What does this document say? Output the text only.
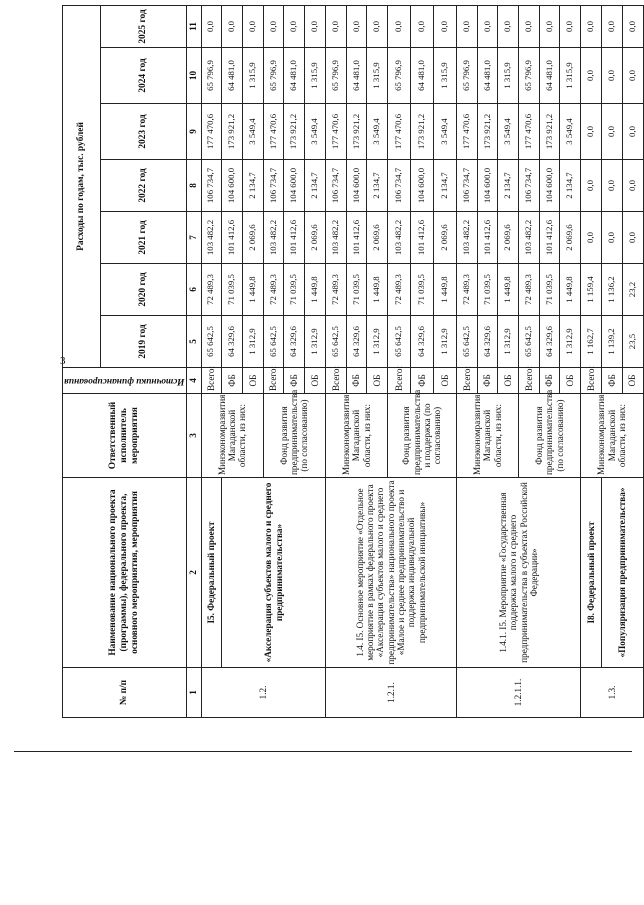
3
№ п/п	Наименование национального проекта (программы), федерального проекта, основного мероприятия, мероприятия	Ответственный исполнитель мероприятия	Источники финансирования	Расходы по годам, тыс. рублей						
				2019 год	2020 год	2021 год	2022 год	2023 год	2024 год	2025 год
1	2	3	4	5	6	7	8	9	10	11
1.2.	I5. Федеральный проект	Минэкономразвития Магаданской области, из них:	Всего:	65 642,5	72 489,3	103 482,2	106 734,7	177 470,6	65 796,9	0,0
	«Акселерация субъектов малого и среднего предпринимательства»		ФБ	64 329,6	71 039,5	101 412,6	104 600,0	173 921,2	64 481,0	0,0
			ОБ	1 312,9	1 449,8	2 069,6	2 134,7	3 549,4	1 315,9	0,0
		Фонд развития предпринимательства (по согласованию)	Всего:	65 642,5	72 489,3	103 482,2	106 734,7	177 470,6	65 796,9	0,0
			ФБ	64 329,6	71 039,5	101 412,6	104 600,0	173 921,2	64 481,0	0,0
			ОБ	1 312,9	1 449,8	2 069,6	2 134,7	3 549,4	1 315,9	0,0
1.2.1.	1.4. I5. Основное мероприятие «Отдельное мероприятие в рамках федерального проекта «Акселерация субъектов малого и среднего предпринимательства» национального проекта «Малое и среднее предпринимательство и поддержка индивидуальной предпринимательской инициативы»	Минэкономразвития Магаданской области, из них:	Всего:	65 642,5	72 489,3	103 482,2	106 734,7	177 470,6	65 796,9	0,0
			ФБ	64 329,6	71 039,5	101 412,6	104 600,0	173 921,2	64 481,0	0,0
			ОБ	1 312,9	1 449,8	2 069,6	2 134,7	3 549,4	1 315,9	0,0
		Фонд развития предпринимательства и поддержка (по согласованию)	Всего:	65 642,5	72 489,3	103 482,2	106 734,7	177 470,6	65 796,9	0,0
			ФБ	64 329,6	71 039,5	101 412,6	104 600,0	173 921,2	64 481,0	0,0
			ОБ	1 312,9	1 449,8	2 069,6	2 134,7	3 549,4	1 315,9	0,0
1.2.1.1.	1.4.1. I5. Мероприятие «Государственная поддержка малого и среднего предпринимательства в субъектах Российской Федерации»	Минэкономразвития Магаданской области, из них:	Всего:	65 642,5	72 489,3	103 482,2	106 734,7	177 470,6	65 796,9	0,0
			ФБ	64 329,6	71 039,5	101 412,6	104 600,0	173 921,2	64 481,0	0,0
			ОБ	1 312,9	1 449,8	2 069,6	2 134,7	3 549,4	1 315,9	0,0
		Фонд развития предпринимательства (по согласованию)	Всего:	65 642,5	72 489,3	103 482,2	106 734,7	177 470,6	65 796,9	0,0
			ФБ	64 329,6	71 039,5	101 412,6	104 600,0	173 921,2	64 481,0	0,0
			ОБ	1 312,9	1 449,8	2 069,6	2 134,7	3 549,4	1 315,9	0,0
1.3.	I8. Федеральный проект	Минэкономразвития Магаданской области, из них:	Всего:	1 162,7	1 159,4	0,0	0,0	0,0	0,0	0,0
	«Популяризация предпринимательства»		ФБ	1 139,2	1 136,2	0,0	0,0	0,0	0,0	0,0
			ОБ	23,5	23,2	0,0	0,0	0,0	0,0	0,0
